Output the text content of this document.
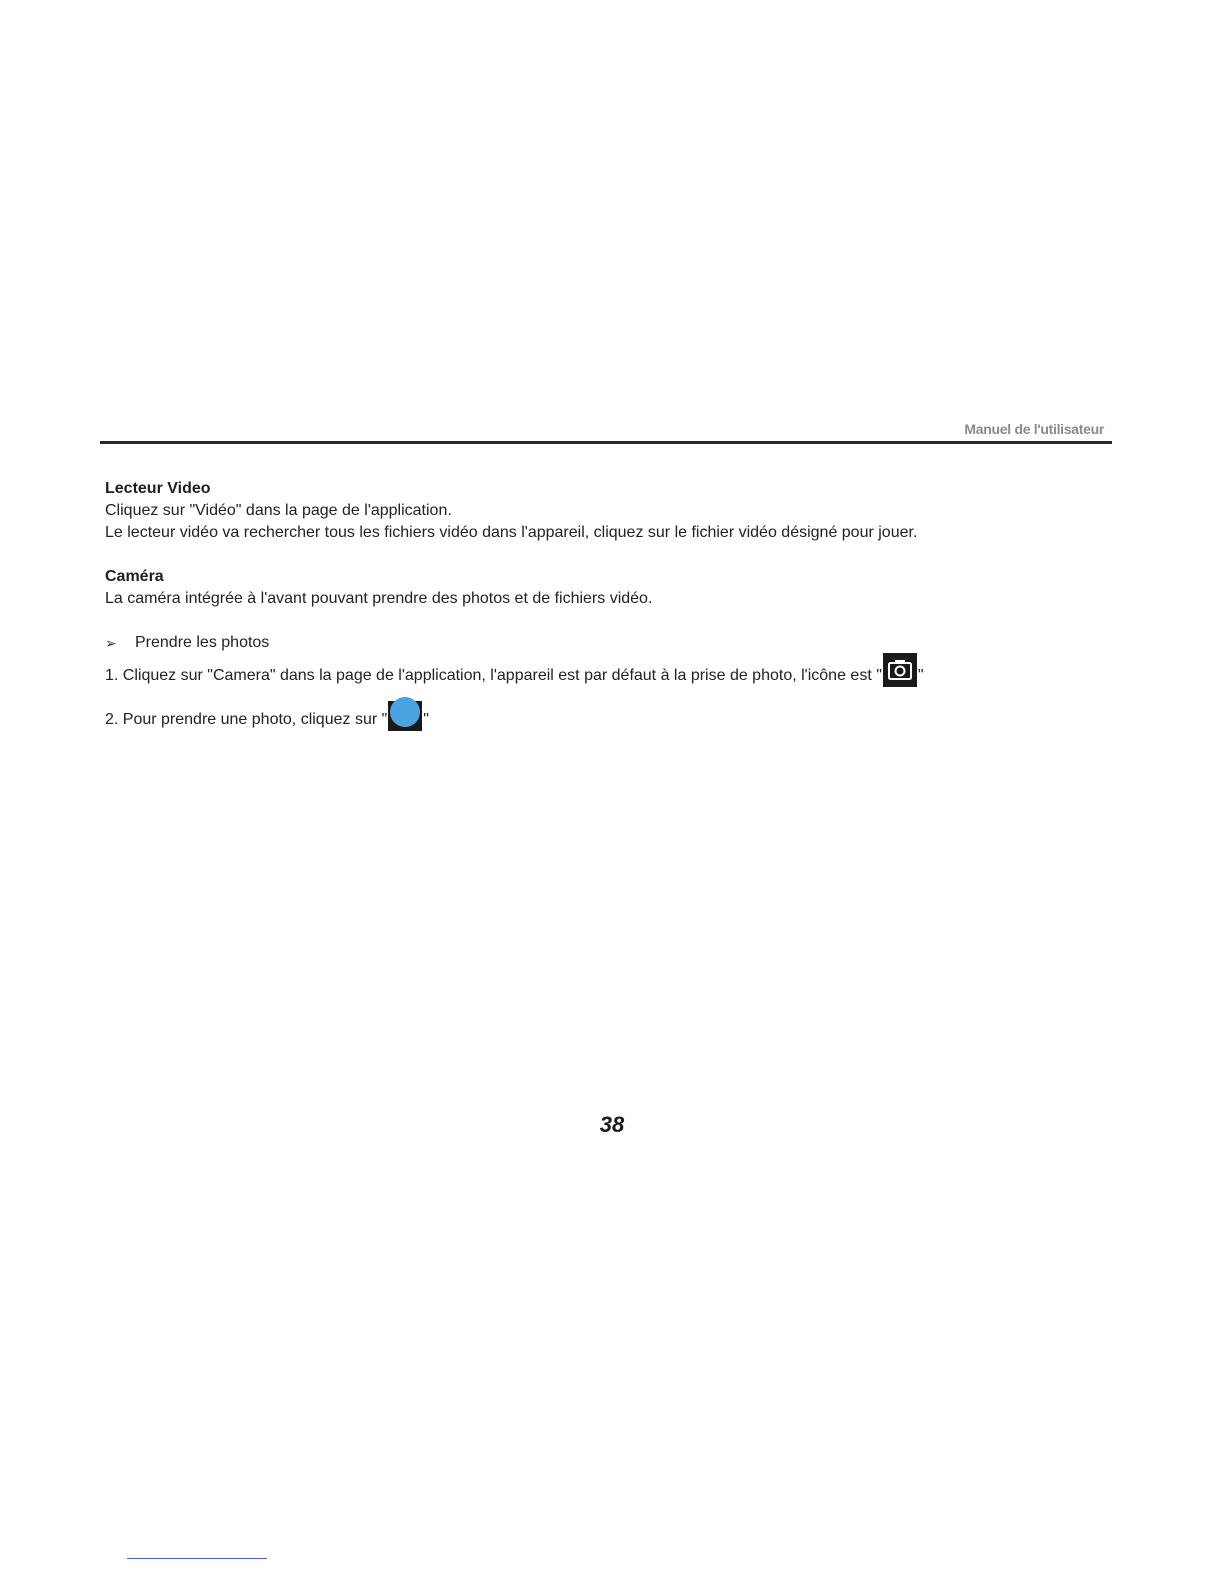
Manuel de l'utilisateur

Lecteur Video

Cliquez sur "Vidéo" dans la page de l'application.

Le lecteur vidéo va rechercher tous les fichiers vidéo dans l'appareil, cliquez sur le fichier vidéo désigné pour jouer.

Caméra

La caméra intégrée à l'avant pouvant prendre des photos et de fichiers vidéo.

➢	Prendre les photos

1. Cliquez sur "Camera" dans la page de l'application, l'appareil est par défaut à la prise de photo, l'icône est " "
2. Pour prendre une photo, cliquez sur " "
38
